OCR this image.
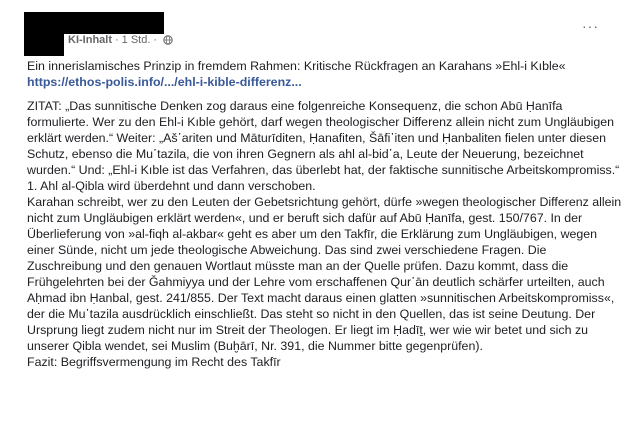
KI-Inhalt · 1 Std. ·
···

Ein innerislamisches Prinzip in fremdem Rahmen: Kritische Rückfragen an Karahans »Ehl-i Kıble«

https://ethos-polis.info/.../ehl-i-kible-differenz...

ZITAT: „Das sunnitische Denken zog daraus eine folgenreiche Konsequenz, die schon Abū Ḥanīfa formulierte. Wer zu den Ehl-i Kıble gehört, darf wegen theologischer Differenz allein nicht zum Ungläubigen erklärt werden.“ Weiter: „Aš῾ariten und Māturīditen, Ḥanafiten, Šāfi῾iten und Ḥanbaliten fielen unter diesen Schutz, ebenso die Mu῾tazila, die von ihren Gegnern als ahl al-bid῾a, Leute der Neuerung, bezeichnet wurden.“ Und: „Ehl-i Kıble ist das Verfahren, das überlebt hat, der faktische sunnitische Arbeitskompromiss.“

1. Ahl al-Qibla wird überdehnt und dann verschoben.

Karahan schreibt, wer zu den Leuten der Gebetsrichtung gehört, dürfe »wegen theologischer Differenz allein nicht zum Ungläubigen erklärt werden«, und er beruft sich dafür auf Abū Ḥanīfa, gest. 150/767. In der Überlieferung von »al-fiqh al-akbar« geht es aber um den Takfīr, die Erklärung zum Ungläubigen, wegen einer Sünde, nicht um jede theologische Abweichung. Das sind zwei verschiedene Fragen. Die Zuschreibung und den genauen Wortlaut müsste man an der Quelle prüfen. Dazu kommt, dass die Frühgelehrten bei der Ǧahmiyya und der Lehre vom erschaffenen Qur῾ān deutlich schärfer urteilten, auch Aḥmad ibn Ḥanbal, gest. 241/855. Der Text macht daraus einen glatten »sunnitischen Arbeitskompromiss«, der die Mu῾tazila ausdrücklich einschließt. Das steht so nicht in den Quellen, das ist seine Deutung. Der Ursprung liegt zudem nicht nur im Streit der Theologen. Er liegt im Ḥadīṯ, wer wie wir betet und sich zu unserer Qibla wendet, sei Muslim (Buḫārī, Nr. 391, die Nummer bitte gegenprüfen).

Fazit: Begriffsvermengung im Recht des Takfīr
